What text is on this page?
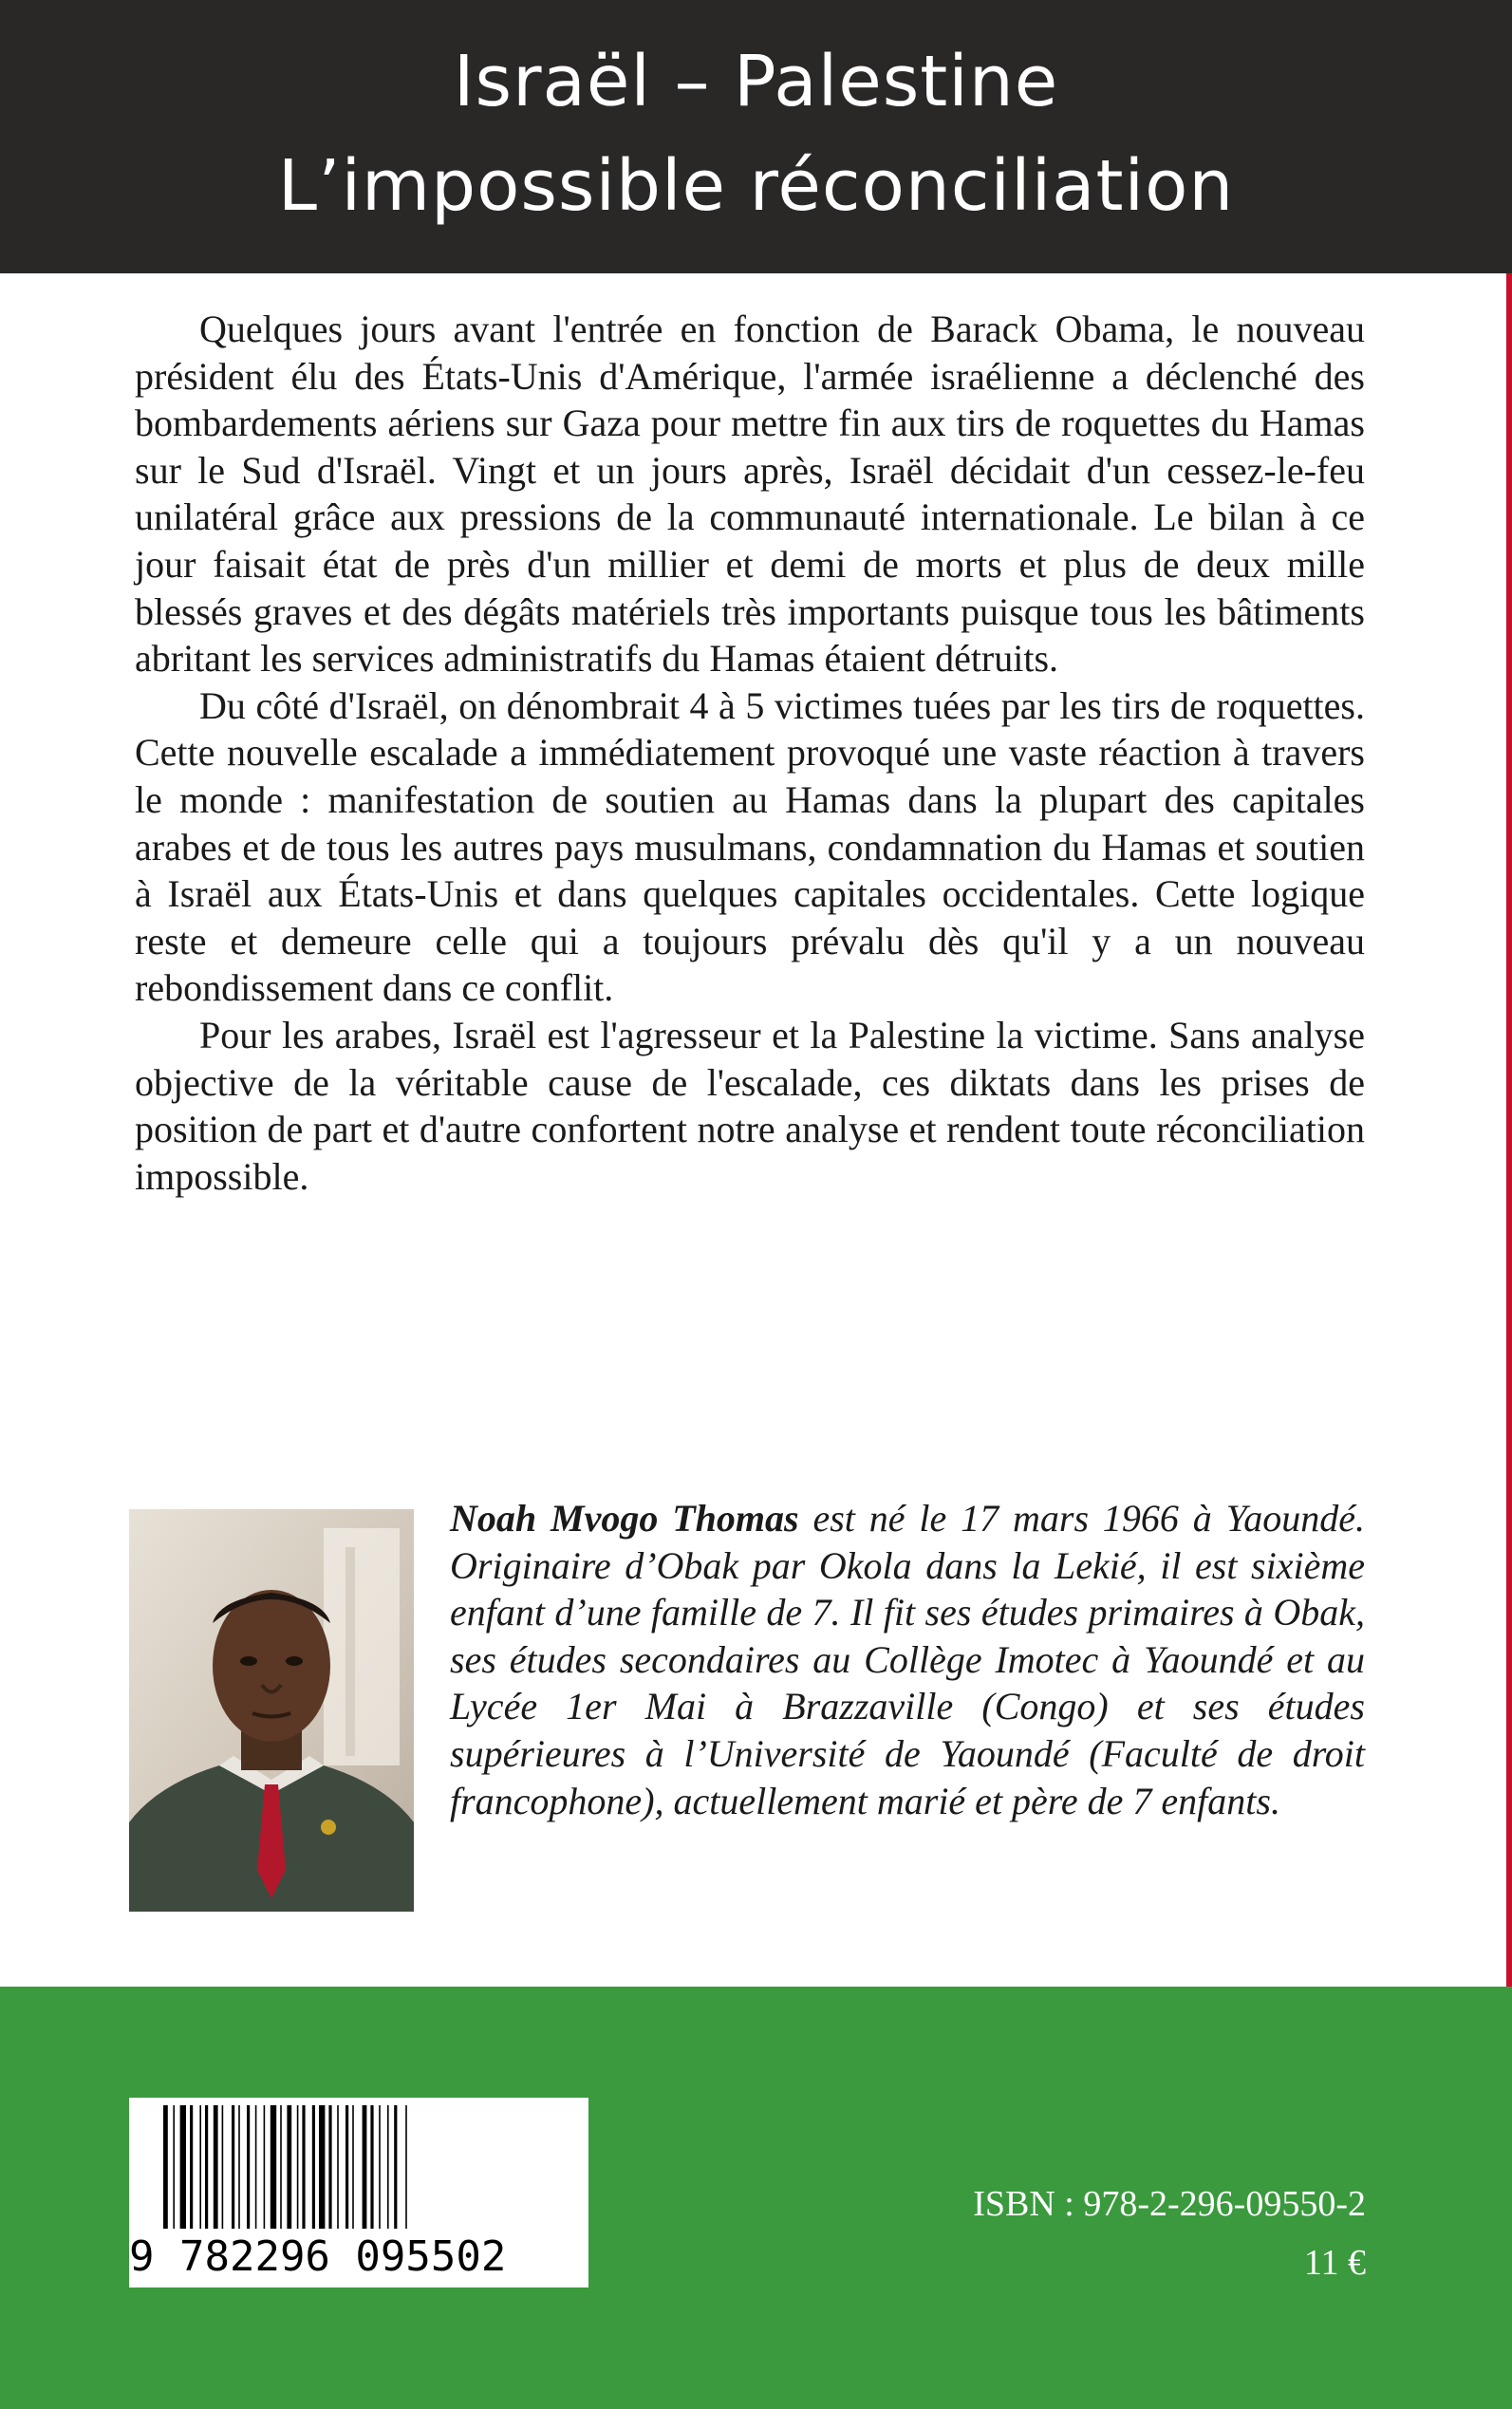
Israël – Palestine
L’impossible réconciliation

Quelques jours avant l'entrée en fonction de Barack Obama, le nouveau président élu des États-Unis d'Amérique, l'armée israélienne a déclenché des bombardements aériens sur Gaza pour mettre fin aux tirs de roquettes du Hamas sur le Sud d'Israël. Vingt et un jours après, Israël décidait d'un cessez-le-feu unilatéral grâce aux pressions de la communauté internationale. Le bilan à ce jour faisait état de près d'un millier et demi de morts et plus de deux mille blessés graves et des dégâts matériels très importants puisque tous les bâtiments abritant les services administratifs du Hamas étaient détruits.

Du côté d'Israël, on dénombrait 4 à 5 victimes tuées par les tirs de roquettes. Cette nouvelle escalade a immédiatement provoqué une vaste réaction à travers le monde : manifestation de soutien au Hamas dans la plupart des capitales arabes et de tous les autres pays musulmans, condamnation du Hamas et soutien à Israël aux États-Unis et dans quelques capitales occidentales. Cette logique reste et demeure celle qui a toujours prévalu dès qu'il y a un nouveau rebondissement dans ce conflit.

Pour les arabes, Israël est l'agresseur et la Palestine la victime. Sans analyse objective de la véritable cause de l'escalade, ces diktats dans les prises de position de part et d'autre confortent notre analyse et rendent toute réconciliation impossible.

Noah Mvogo Thomas est né le 17 mars 1966 à Yaoundé. Originaire d’Obak par Okola dans la Lekié, il est sixième enfant d’une famille de 7. Il fit ses études primaires à Obak, ses études secondaires au Collège Imotec à Yaoundé et au Lycée 1er Mai à Brazzaville (Congo) et ses études supérieures à l’Université de Yaoundé (Faculté de droit francophone), actuellement marié et père de 7 enfants.
9 782296 095502
ISBN : 978-2-296-09550-2
11 €
